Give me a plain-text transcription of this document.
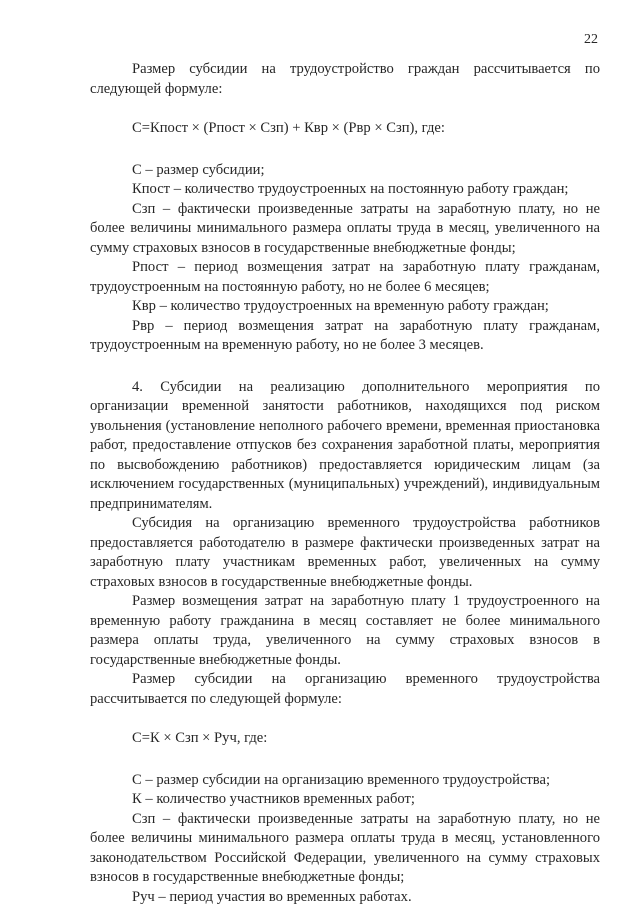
22

Размер субсидии на трудоустройство граждан рассчитывается по следующей формуле:

С=Кпост × (Рпост × Сзп) + Квр × (Рвр × Сзп), где:

С – размер субсидии;

Кпост – количество трудоустроенных на постоянную работу граждан;

Сзп – фактически произведенные затраты на заработную плату, но не более величины минимального размера оплаты труда в месяц, увеличенного на сумму страховых взносов в государственные внебюджетные фонды;

Рпост – период возмещения затрат на заработную плату гражданам, трудоустроенным на постоянную работу, но не более 6 месяцев;

Квр – количество трудоустроенных на временную работу граждан;

Рвр – период возмещения затрат на заработную плату гражданам, трудоустроенным на временную работу, но не более 3 месяцев.

4. Субсидии на реализацию дополнительного мероприятия по организации временной занятости работников, находящихся под риском увольнения (установление неполного рабочего времени, временная приостановка работ, предоставление отпусков без сохранения заработной платы, мероприятия по высвобождению работников) предоставляется юридическим лицам (за исключением государственных (муниципальных) учреждений), индивидуальным предпринимателям.

Субсидия на организацию временного трудоустройства работников предоставляется работодателю в размере фактически произведенных затрат на заработную плату участникам временных работ, увеличенных на сумму страховых взносов в государственные внебюджетные фонды.

Размер возмещения затрат на заработную плату 1 трудоустроенного на временную работу гражданина в месяц составляет не более минимального размера оплаты труда, увеличенного на сумму страховых взносов в государственные внебюджетные фонды.

Размер субсидии на организацию временного трудоустройства рассчитывается по следующей формуле:

С=К × Сзп × Руч, где:

С – размер субсидии на организацию временного трудоустройства;

К – количество участников временных работ;

Сзп – фактически произведенные затраты на заработную плату, но не более величины минимального размера оплаты труда в месяц, установленного законодательством Российской Федерации, увеличенного на сумму страховых взносов в государственные внебюджетные фонды;

Руч – период участия во временных работах.
